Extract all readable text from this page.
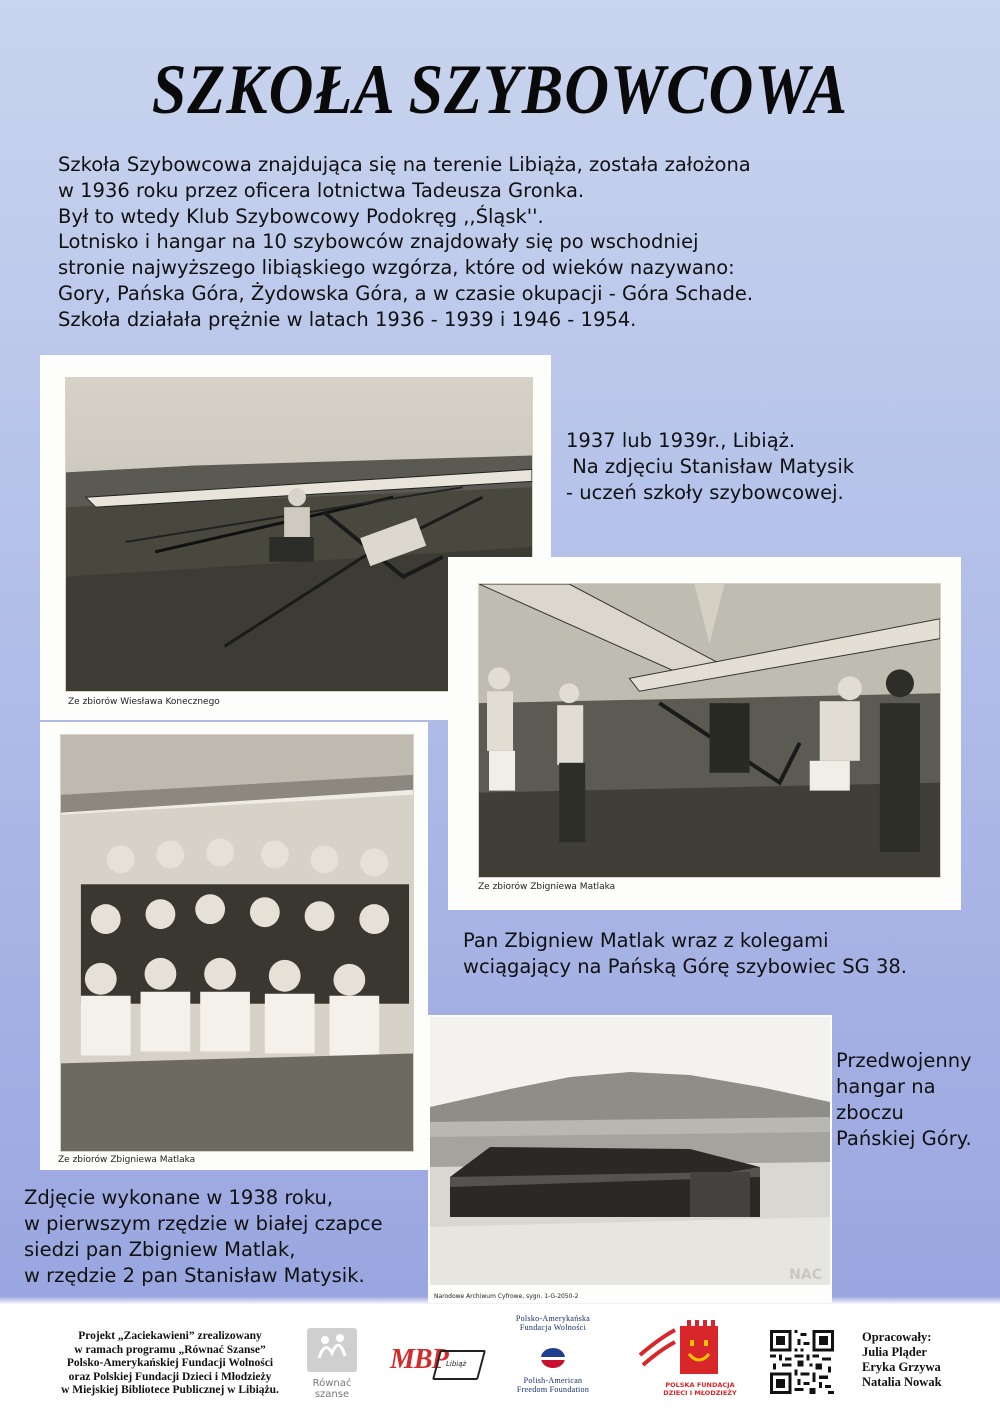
SZKOŁA SZYBOWCOWA
Szkoła Szybowcowa znajdująca się na terenie Libiąża, została założona
w 1936 roku przez oficera lotnictwa Tadeusza Gronka.
Był to wtedy Klub Szybowcowy Podokręg ,,Śląsk''.
Lotnisko i hangar na 10 szybowców znajdowały się po wschodniej
stronie najwyższego libiąskiego wzgórza, które od wieków nazywano:
Gory, Pańska Góra, Żydowska Góra, a w czasie okupacji - Góra Schade.
Szkoła działała prężnie w latach 1936 - 1939 i 1946 - 1954.
Ze zbiorów Wiesława Konecznego
1937 lub 1939r., Libiąż.
Na zdjęciu Stanisław Matysik
- uczeń szkoły szybowcowej.
Ze zbiorów Zbigniewa Matlaka
Pan Zbigniew Matlak wraz z kolegami
wciągający na Pańską Górę szybowiec SG 38.
Ze zbiorów Zbigniewa Matlaka
NAC
Narodowe Archiwum Cyfrowe, sygn. 1-G-2050-2
Przedwojenny
hangar na
zboczu
Pańskiej Góry.
Zdjęcie wykonane w 1938 roku,
w pierwszym rzędzie w białej czapce
siedzi pan Zbigniew Matlak,
w rzędzie 2 pan Stanisław Matysik.
Projekt „Zaciekawieni” zrealizowany
w ramach programu „Równać Szanse”
Polsko-Amerykańskiej Fundacji Wolności
oraz Polskiej Fundacji Dzieci i Młodzieży
w Miejskiej Bibliotece Publicznej w Libiążu.
Równać szanse
MBP
Libiąż
Polsko-Amerykańska
Fundacja Wolności
Polish-American
Freedom Foundation	POLSKA FUNDACJA
DZIECI I MŁODZIEŻY
Opracowały:
Julia Pląder
Eryka Grzywa
Natalia Nowak
